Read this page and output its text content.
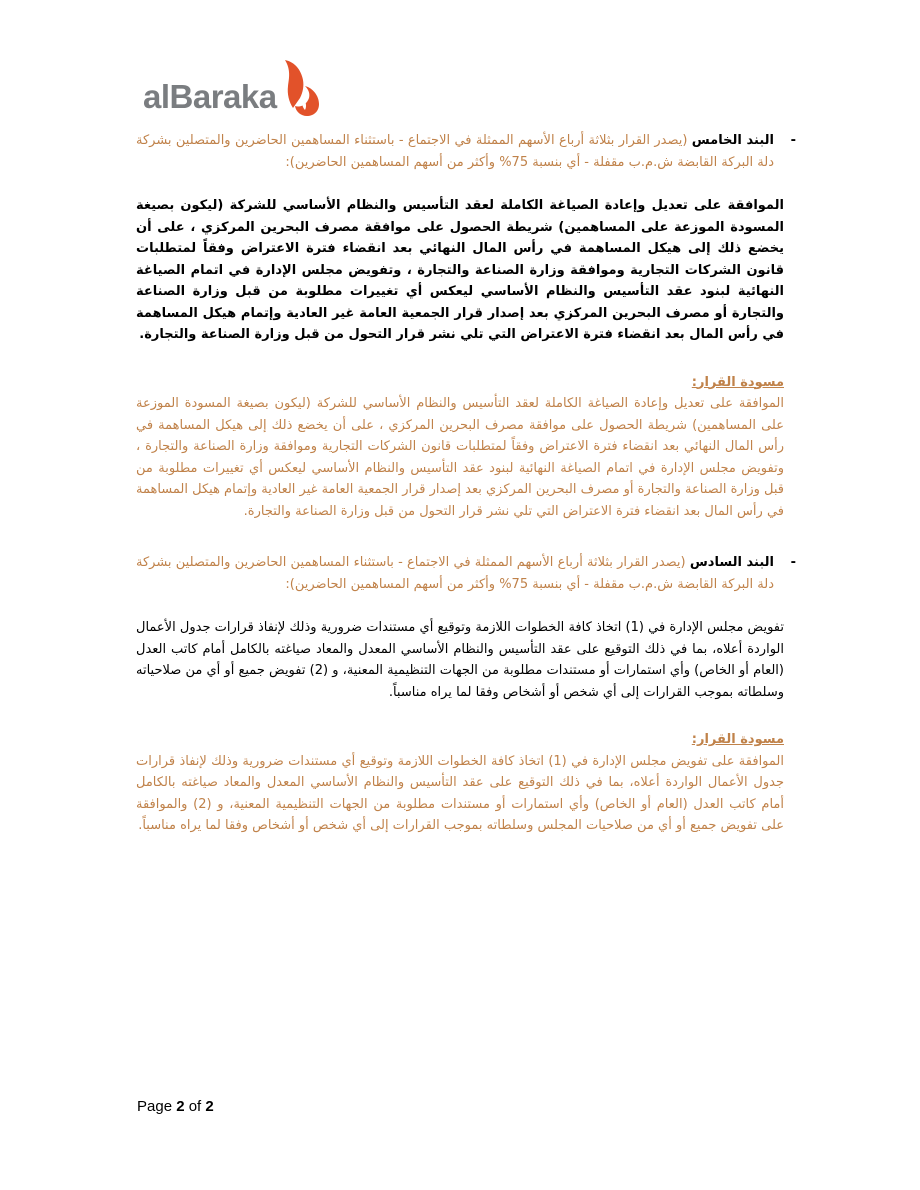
alBaraka
-
البند الخامس (يصدر القرار بثلاثة أرباع الأسهم الممثلة في الاجتماع - باستثناء المساهمين الحاضرين والمتصلين بشركة دلة البركة القابضة ش.م.ب مقفلة - أي بنسبة 75% وأكثر من أسهم المساهمين الحاضرين):
الموافقة على تعديل وإعادة الصياغة الكاملة لعقد التأسيس والنظام الأساسي للشركة (ليكون بصيغة المسودة الموزعة على المساهمين) شريطة الحصول على موافقة مصرف البحرين المركزي ، على أن يخضع ذلك إلى هيكل المساهمة في رأس المال النهائي بعد انقضاء فترة الاعتراض وفقاً لمتطلبات قانون الشركات التجارية وموافقة وزارة الصناعة والتجارة ، وتفويض مجلس الإدارة في اتمام الصياغة النهائية لبنود عقد التأسيس والنظام الأساسي ليعكس أي تغييرات مطلوبة من قبل وزارة الصناعة والتجارة أو مصرف البحرين المركزي بعد إصدار قرار الجمعية العامة غير العادية وإتمام هيكل المساهمة في رأس المال بعد انقضاء فترة الاعتراض التي تلي نشر قرار التحول من قبل وزارة الصناعة والتجارة.
مسودة القرار:
الموافقة على تعديل وإعادة الصياغة الكاملة لعقد التأسيس والنظام الأساسي للشركة (ليكون بصيغة المسودة الموزعة على المساهمين) شريطة الحصول على موافقة مصرف البحرين المركزي ، على أن يخضع ذلك إلى هيكل المساهمة في رأس المال النهائي بعد انقضاء فترة الاعتراض وفقاً لمتطلبات قانون الشركات التجارية وموافقة وزارة الصناعة والتجارة ، وتفويض مجلس الإدارة في اتمام الصياغة النهائية لبنود عقد التأسيس والنظام الأساسي ليعكس أي تغييرات مطلوبة من قبل وزارة الصناعة والتجارة أو مصرف البحرين المركزي بعد إصدار قرار الجمعية العامة غير العادية وإتمام هيكل المساهمة في رأس المال بعد انقضاء فترة الاعتراض التي تلي نشر قرار التحول من قبل وزارة الصناعة والتجارة.
-
البند السادس (يصدر القرار بثلاثة أرباع الأسهم الممثلة في الاجتماع - باستثناء المساهمين الحاضرين والمتصلين بشركة دلة البركة القابضة ش.م.ب مقفلة - أي بنسبة 75% وأكثر من أسهم المساهمين الحاضرين):
تفويض مجلس الإدارة في (1) اتخاذ كافة الخطوات اللازمة وتوقيع أي مستندات ضرورية وذلك لإنفاذ قرارات جدول الأعمال الواردة أعلاه، بما في ذلك التوقيع على عقد التأسيس والنظام الأساسي المعدل والمعاد صياغته بالكامل أمام كاتب العدل (العام أو الخاص) وأي استمارات أو مستندات مطلوبة من الجهات التنظيمية المعنية، و (2) تفويض جميع أو أي من صلاحياته وسلطاته بموجب القرارات إلى أي شخص أو أشخاص وفقا لما يراه مناسباً.
مسودة القرار:
الموافقة على تفويض مجلس الإدارة في (1) اتخاذ كافة الخطوات اللازمة وتوقيع أي مستندات ضرورية وذلك لإنفاذ قرارات جدول الأعمال الواردة أعلاه، بما في ذلك التوقيع على عقد التأسيس والنظام الأساسي المعدل والمعاد صياغته بالكامل أمام كاتب العدل (العام أو الخاص) وأي استمارات أو مستندات مطلوبة من الجهات التنظيمية المعنية، و (2) والموافقة على تفويض جميع أو أي من صلاحيات المجلس وسلطاته بموجب القرارات إلى أي شخص أو أشخاص وفقا لما يراه مناسباً.
Page 2 of 2
